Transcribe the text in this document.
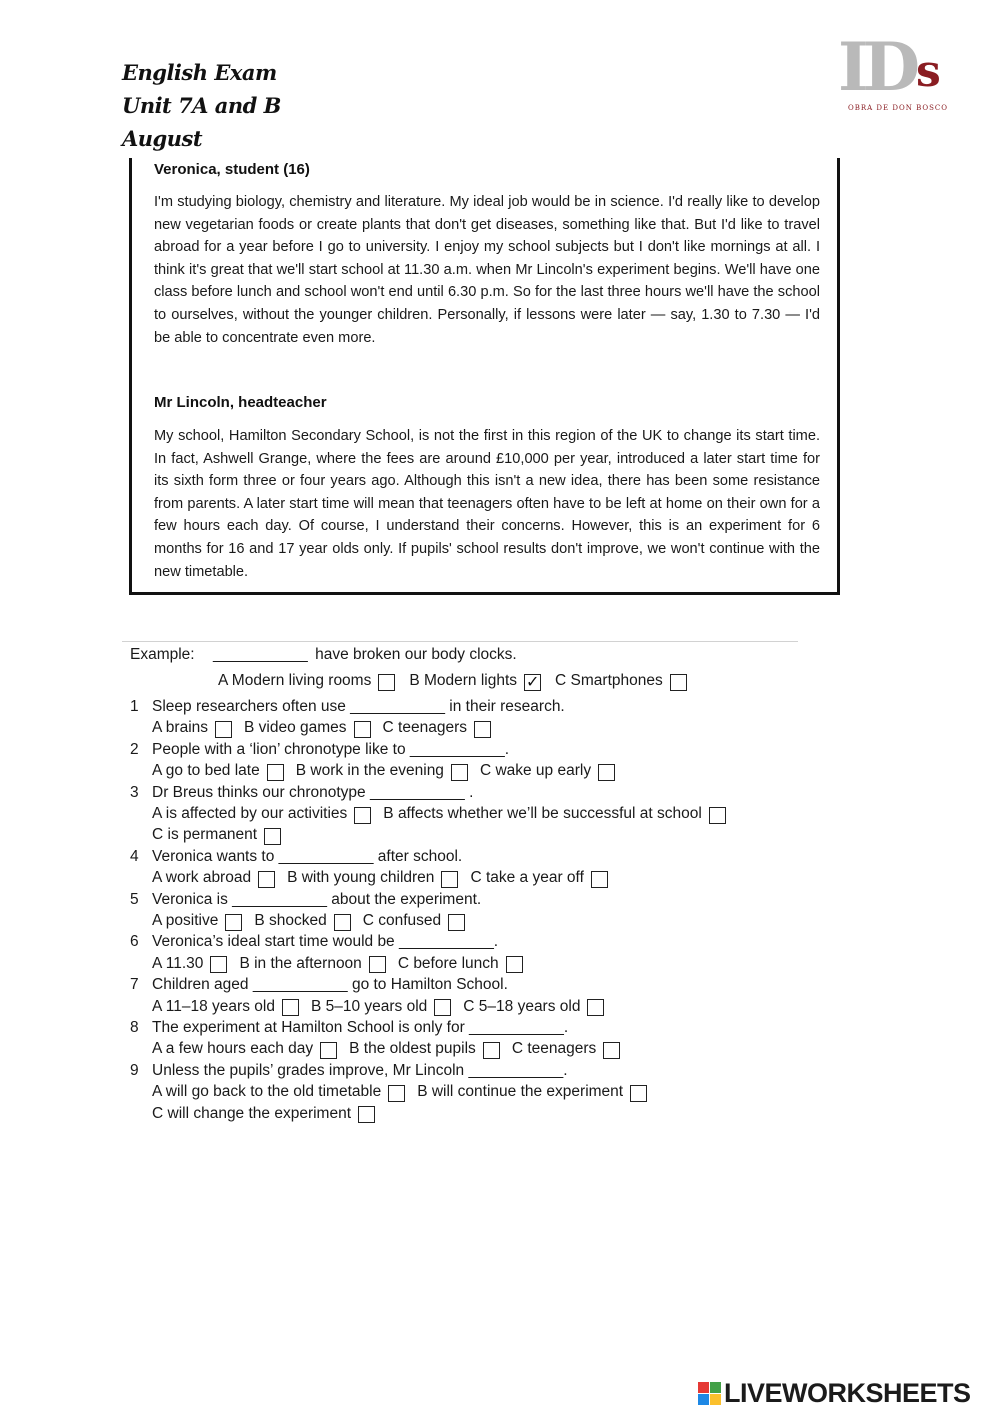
English Exam
Unit 7A and B
August
ID s
OBRA DE DON BOSCO
Veronica, student (16)

I'm studying biology, chemistry and literature. My ideal job would be in science. I'd really like to develop new vegetarian foods or create plants that don't get diseases, something like that. But I'd like to travel abroad for a year before I go to university. I enjoy my school subjects but I don't like mornings at all. I think it's great that we'll start school at 11.30 a.m. when Mr Lincoln's experiment begins. We'll have one class before lunch and school won't end until 6.30 p.m. So for the last three hours we'll have the school to ourselves, without the younger children. Personally, if lessons were later — say, 1.30 to 7.30 — I'd be able to concentrate even more.

Mr Lincoln, headteacher

My school, Hamilton Secondary School, is not the first in this region of the UK to change its start time. In fact, Ashwell Grange, where the fees are around £10,000 per year, introduced a later start time for its sixth form three or four years ago. Although this isn't a new idea, there has been some resistance from parents. A later start time will mean that teenagers often have to be left at home on their own for a few hours each day. Of course, I understand their concerns. However, this is an experiment for 6 months for 16 and 17 year olds only. If pupils' school results don't improve, we won't continue with the new timetable.

Example: ___________ have broken our body clocks.
A Modern living rooms B Modern lights
✓ C Smartphones
1 Sleep researchers often use ___________ in their research.
A brains B video games C teenagers
2 People with a ‘lion’ chronotype like to ___________.
A go to bed late B work in the evening C wake up early
3 Dr Breus thinks our chronotype ___________ .
A is affected by our activities B affects whether we’ll be successful at school
C is permanent
4 Veronica wants to ___________ after school.
A work abroad B with young children C take a year off
5 Veronica is ___________ about the experiment.
A positive B shocked C confused
6 Veronica’s ideal start time would be ___________.
A 11.30 B in the afternoon C before lunch
7 Children aged ___________ go to Hamilton School.
A 11–18 years old B 5–10 years old C 5–18 years old
8 The experiment at Hamilton School is only for ___________.
A a few hours each day B the oldest pupils C teenagers
9 Unless the pupils’ grades improve, Mr Lincoln ___________.
A will go back to the old timetable B will continue the experiment
C will change the experiment
LIVEWORKSHEETS
